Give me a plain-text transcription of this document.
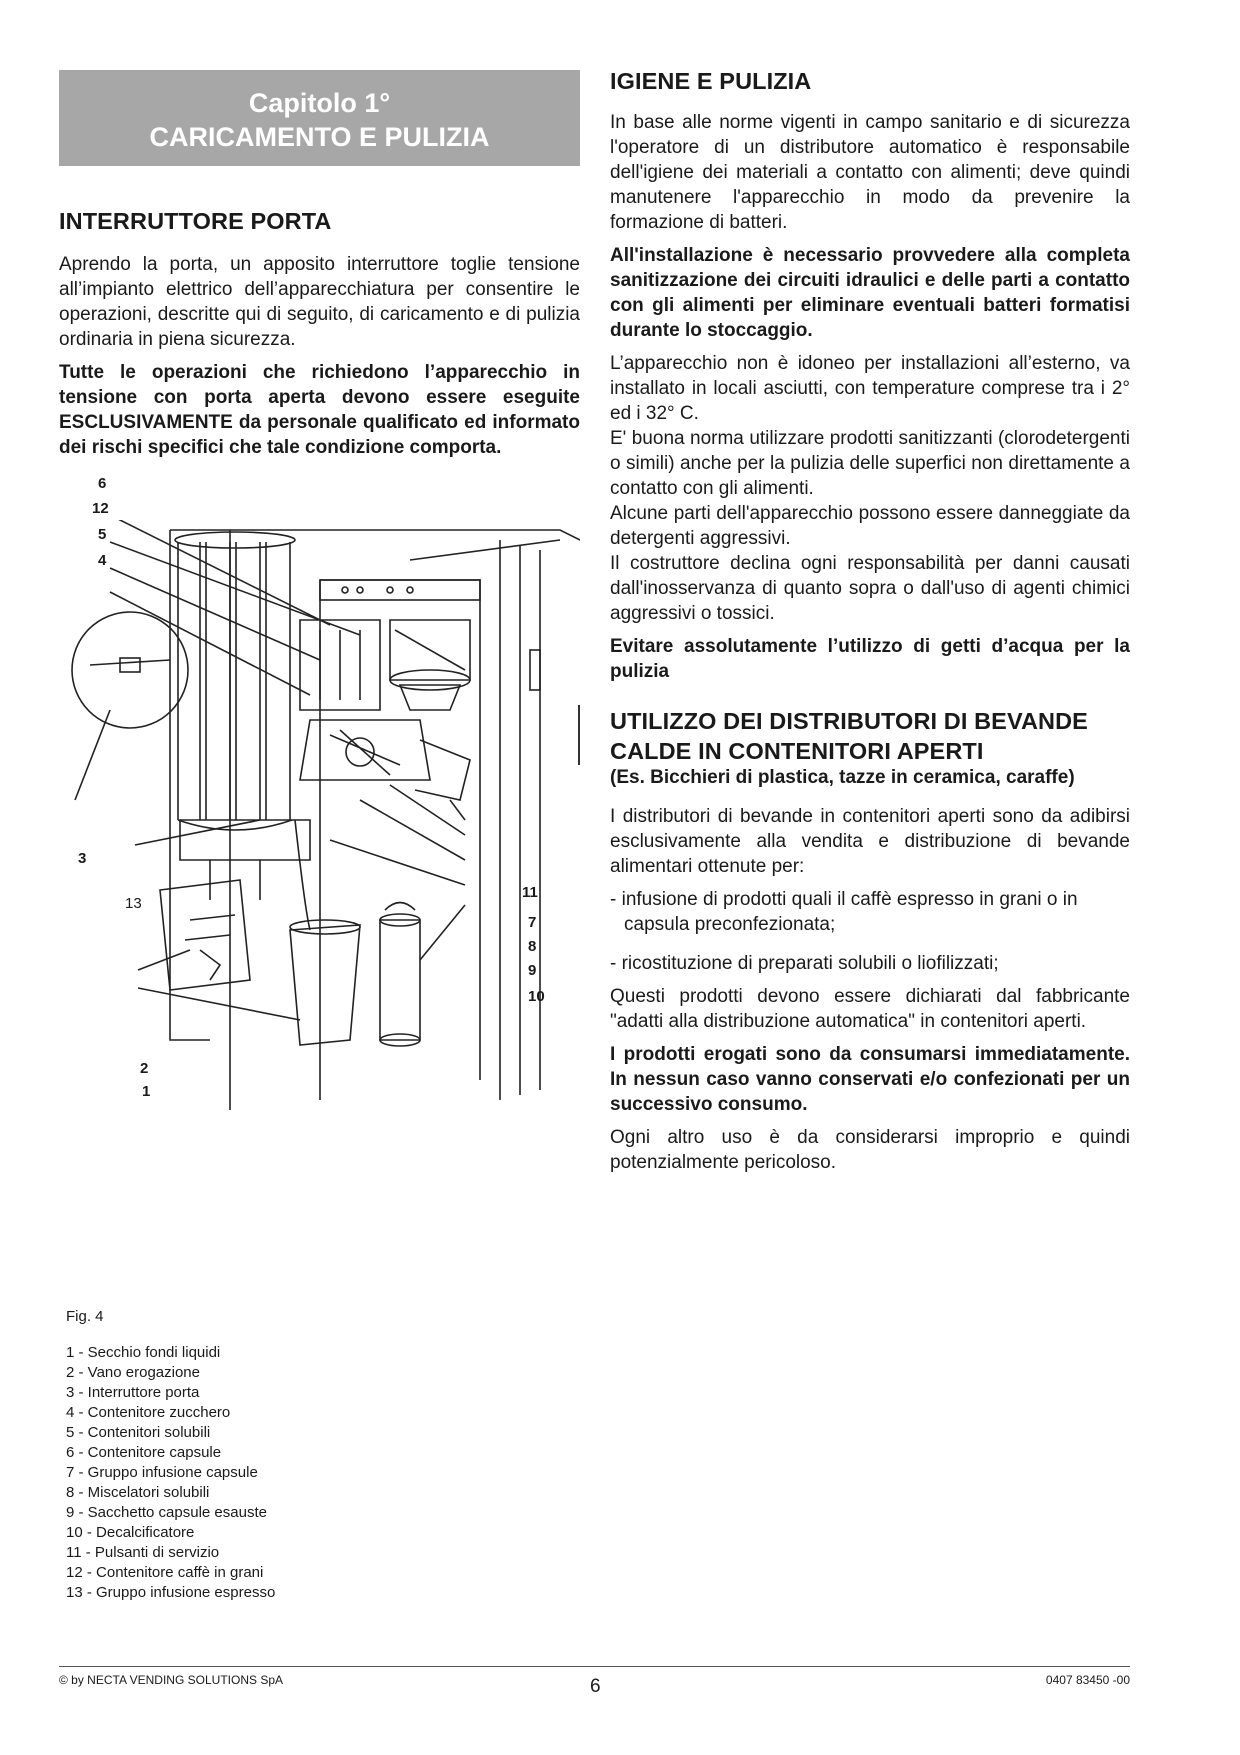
Capitolo 1°
CARICAMENTO E PULIZIA
INTERRUTTORE PORTA

Aprendo la porta, un apposito interruttore toglie tensione all’impianto elettrico dell’apparecchiatura per consentire le operazioni, descritte qui di seguito, di caricamento e di pulizia ordinaria in piena sicurezza.

Tutte le operazioni che richiedono l’apparecchio in tensione con porta aperta devono essere eseguite ESCLUSIVAMENTE da personale qualificato ed informato dei rischi specifici che tale condizione comporta.

6
12
5
4
3
13
2
1
11
7
8
9
10
Fig. 4
1 - Secchio fondi liquidi
2 - Vano erogazione
3 - Interruttore porta
4 - Contenitore zucchero
5 - Contenitori solubili
6 - Contenitore capsule
7 - Gruppo infusione capsule
8 - Miscelatori solubili
9 - Sacchetto capsule esauste
10 - Decalcificatore
11 - Pulsanti di servizio
12 - Contenitore caffè in grani
13 - Gruppo infusione espresso
IGIENE E PULIZIA

In base alle norme vigenti in campo sanitario e di sicurezza l'operatore di un distributore automatico è responsabile dell'igiene dei materiali a contatto con alimenti; deve quindi manutenere l'apparecchio in modo da prevenire la formazione di batteri.

All'installazione è necessario provvedere alla completa sanitizzazione dei circuiti idraulici e delle parti a contatto con gli alimenti per eliminare eventuali batteri formatisi durante lo stoccaggio.

L’apparecchio non è idoneo per installazioni all’esterno, va installato in locali asciutti, con temperature comprese tra i 2° ed i 32° C.

E' buona norma utilizzare prodotti sanitizzanti (clorodetergenti o simili) anche per la pulizia delle superfici non direttamente a contatto con gli alimenti.

Alcune parti dell'apparecchio possono essere danneggiate da detergenti aggressivi.

Il costruttore declina ogni responsabilità per danni causati dall'inosservanza di quanto sopra o dall'uso di agenti chimici aggressivi o tossici.

Evitare assolutamente l’utilizzo di getti d’acqua per la pulizia

UTILIZZO DEI DISTRIBUTORI DI BEVANDE
CALDE IN CONTENITORI APERTI
(Es. Bicchieri di plastica, tazze in ceramica, caraffe)

I distributori di bevande in contenitori aperti sono da adibirsi esclusivamente alla vendita e distribuzione di bevande alimentari ottenute per:

- infusione di prodotti quali il caffè espresso in grani o in capsula preconfezionata;
- ricostituzione di preparati solubili o liofilizzati;

Questi prodotti devono essere dichiarati dal fabbricante "adatti alla distribuzione automatica" in contenitori aperti.

I prodotti erogati sono da consumarsi immediatamente. In nessun caso vanno conservati e/o confezionati per un successivo consumo.

Ogni altro uso è da considerarsi improprio e quindi potenzialmente pericoloso.

© by NECTA VENDING SOLUTIONS SpA	6	0407 83450 -00
